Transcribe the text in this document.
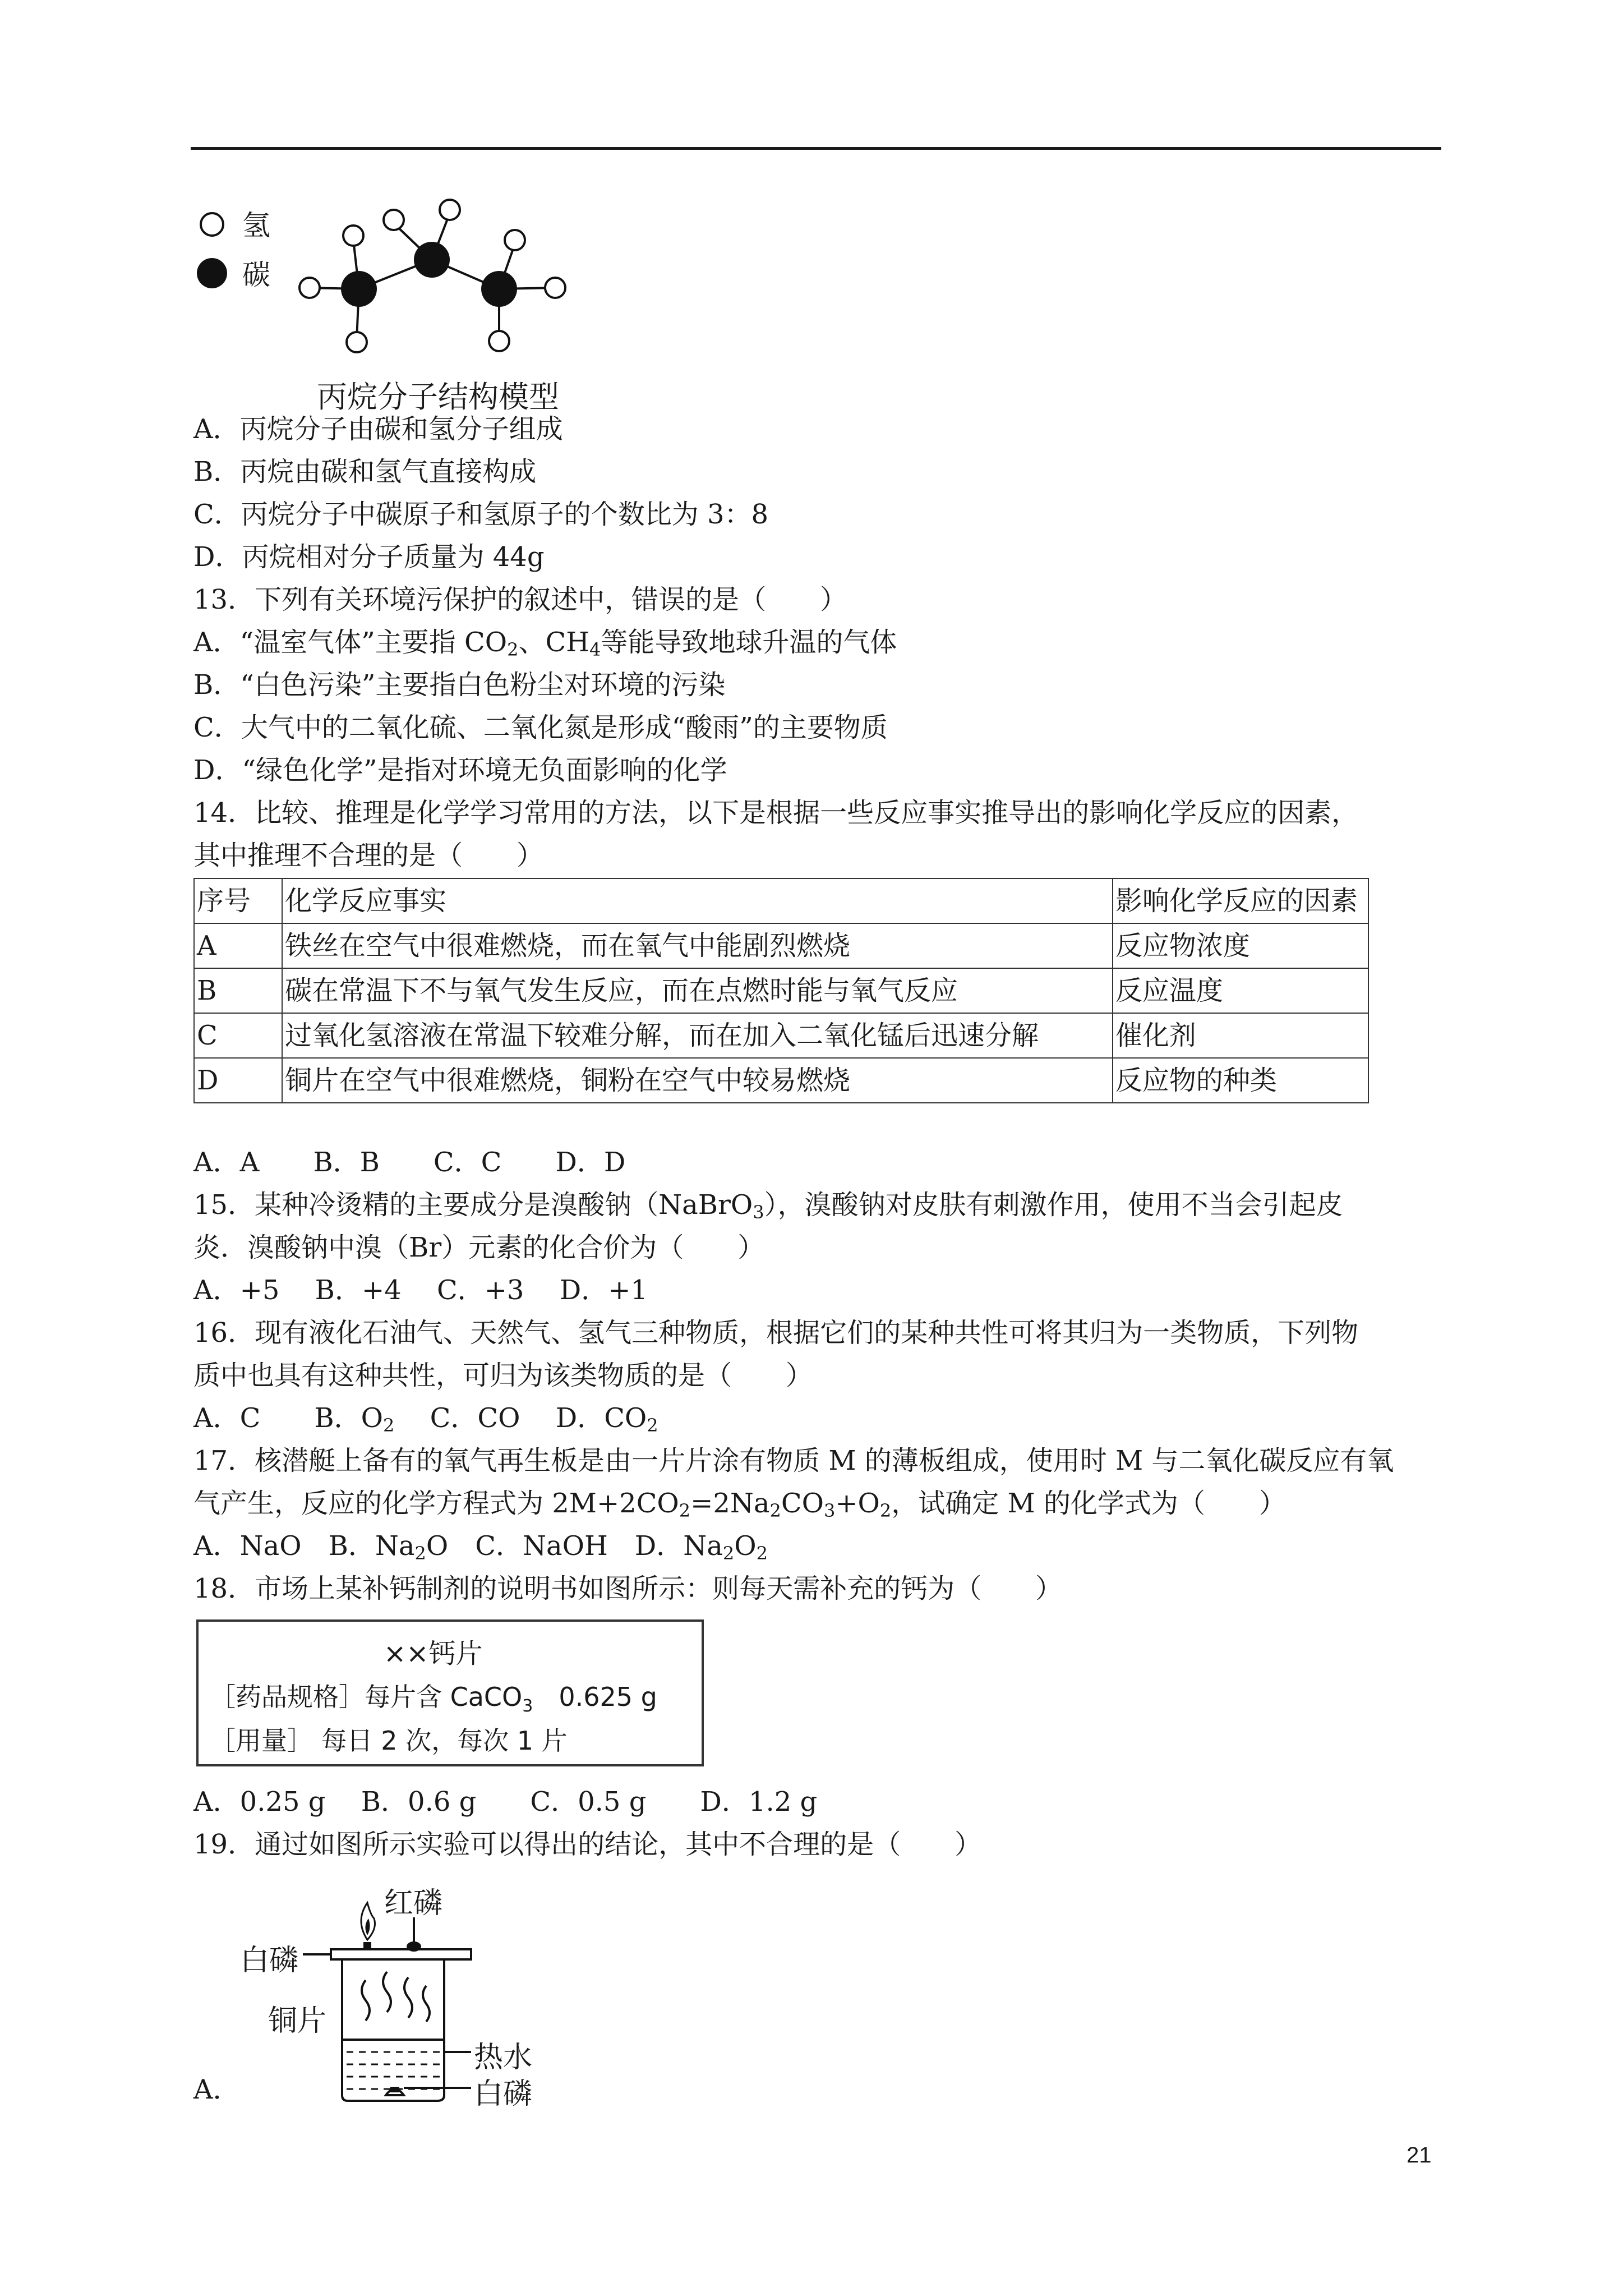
氢
碳
丙烷分子结构模型
A．丙烷分子由碳和氢分子组成
B．丙烷由碳和氢气直接构成
C．丙烷分子中碳原子和氢原子的个数比为 3：8
D．丙烷相对分子质量为 44g
13．下列有关环境污保护的叙述中，错误的是（　　）
A．“温室气体”主要指 $CO_2$、$CH_4$等能导致地球升温的气体
B．“白色污染”主要指白色粉尘对环境的污染
C．大气中的二氧化硫、二氧化氮是形成“酸雨”的主要物质
D．“绿色化学”是指对环境无负面影响的化学
14．比较、推理是化学学习常用的方法，以下是根据一些反应事实推导出的影响化学反应的因素，
其中推理不合理的是（　　）
序号	化学反应事实	影响化学反应的因素
A	铁丝在空气中很难燃烧，而在氧气中能剧烈燃烧	反应物浓度
B	碳在常温下不与氧气发生反应，而在点燃时能与氧气反应	反应温度
C	过氧化氢溶液在常温下较难分解，而在加入二氧化锰后迅速分解	催化剂
D	铜片在空气中很难燃烧，铜粉在空气中较易燃烧	反应物的种类
A．A　　B．B　　C．C　　D．D
15．某种冷烫精的主要成分是溴酸钠（NaBrO$_3$），溴酸钠对皮肤有刺激作用，使用不当会引起皮
炎．溴酸钠中溴（Br）元素的化合价为（　　）
A．+5　 B．+4　 C．+3　 D．+1
16．现有液化石油气、天然气、氢气三种物质，根据它们的某种共性可将其归为一类物质，下列物
质中也具有这种共性，可归为该类物质的是（　　）
A．C　　B．$O_2$　 C．CO　 D．$CO_2$
17．核潜艇上备有的氧气再生板是由一片片涂有物质 M 的薄板组成，使用时 M 与二氧化碳反应有氧
气产生，反应的化学方程式为 $2M+2CO_2=2Na_2CO_3+O_2$，试确定 M 的化学式为（　　）
A．NaO　B．$Na_2O$　C．NaOH　D．$Na_2O_2$
18．市场上某补钙制剂的说明书如图所示：则每天需补充的钙为（　　）
××钙片
［药品规格］每片含 CaCO$_3$　0.625 g
［用量］ 每日 2 次，每次 1 片
A．0.25 g　 B．0.6 g　　C．0.5 g　　D．1.2 g
19．通过如图所示实验可以得出的结论，其中不合理的是（　　）
红磷
白磷
铜片
热水
白磷
A．
21
